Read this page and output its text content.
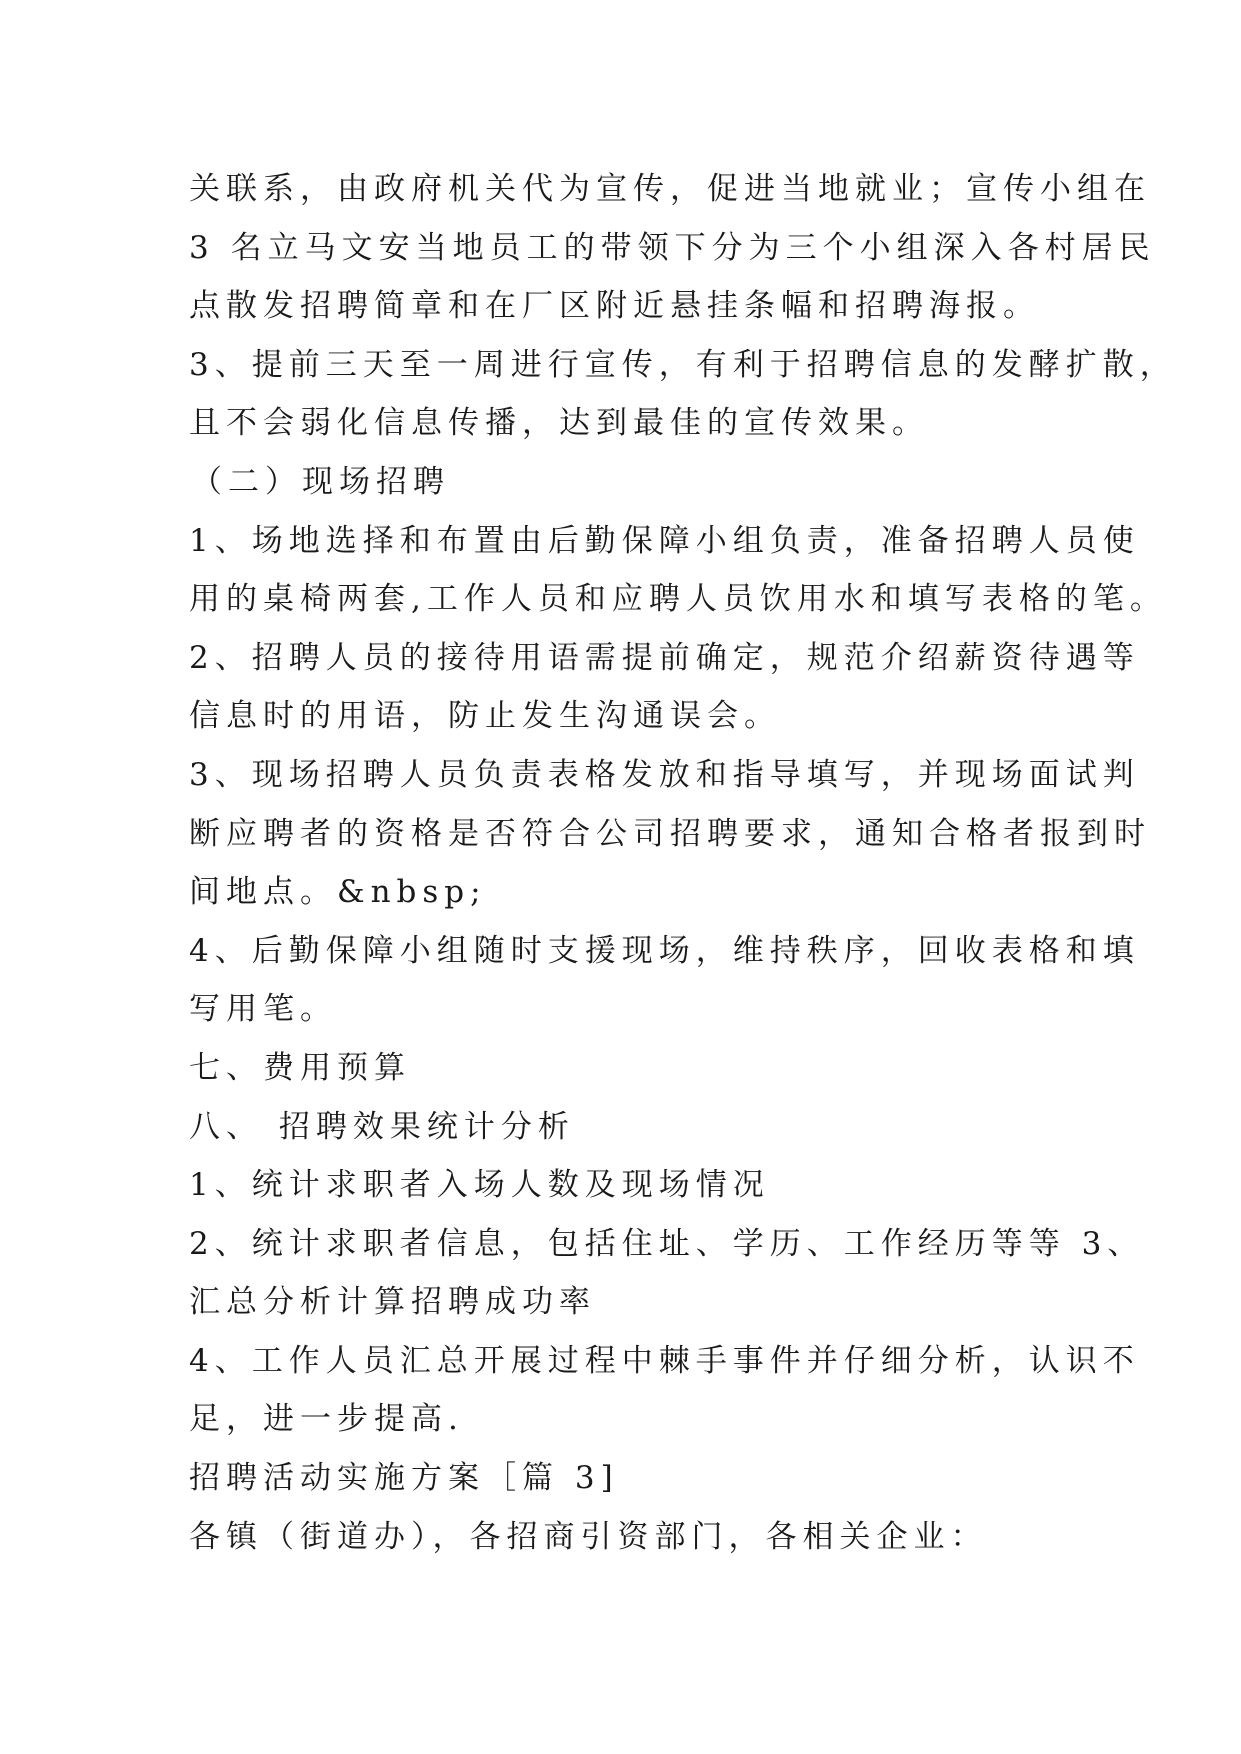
关联系，由政府机关代为宣传，促进当地就业；宣传小组在
3 名立马文安当地员工的带领下分为三个小组深入各村居民
点散发招聘简章和在厂区附近悬挂条幅和招聘海报。
3、提前三天至一周进行宣传，有利于招聘信息的发酵扩散，
且不会弱化信息传播，达到最佳的宣传效果。
（二）现场招聘
1、场地选择和布置由后勤保障小组负责，准备招聘人员使
用的桌椅两套,工作人员和应聘人员饮用水和填写表格的笔。
2、招聘人员的接待用语需提前确定，规范介绍薪资待遇等
信息时的用语，防止发生沟通误会。
3、现场招聘人员负责表格发放和指导填写，并现场面试判
断应聘者的资格是否符合公司招聘要求，通知合格者报到时
间地点。&nbsp;
4、后勤保障小组随时支援现场，维持秩序，回收表格和填
写用笔。
七、费用预算
八、 招聘效果统计分析
1、统计求职者入场人数及现场情况
2、统计求职者信息，包括住址、学历、工作经历等等 3、
汇总分析计算招聘成功率
4、工作人员汇总开展过程中棘手事件并仔细分析，认识不
足，进一步提高.
招聘活动实施方案［篇 3]
各镇（街道办），各招商引资部门，各相关企业：
